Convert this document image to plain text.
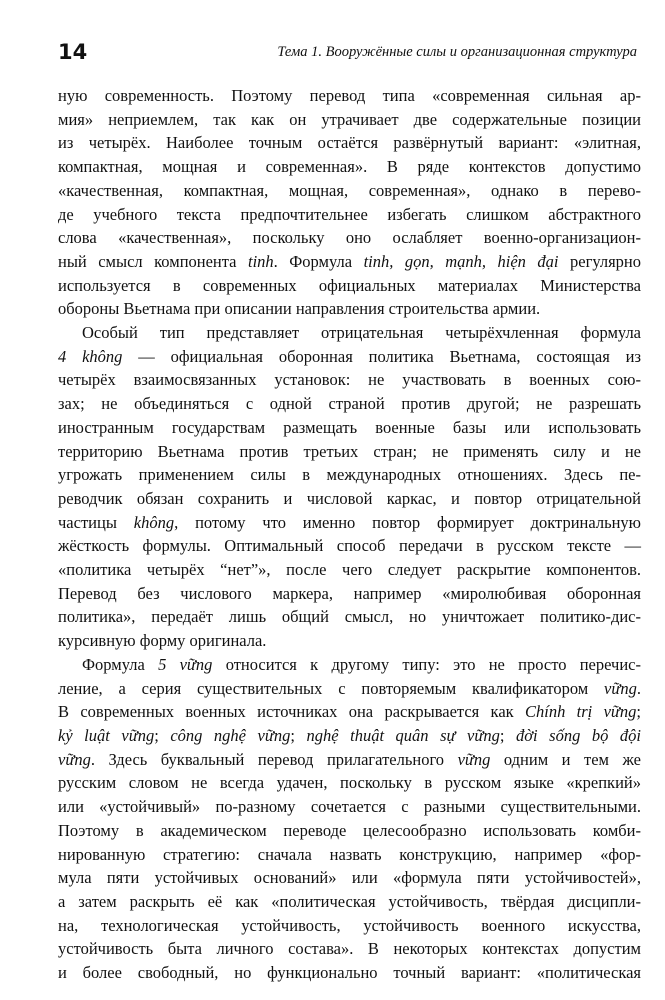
14	Тема 1. Вооружённые силы и организационная структура

ную современность. Поэтому перевод типа «современная сильная ар-
мия» неприемлем, так как он утрачивает две содержательные позиции
из четырёх. Наиболее точным остаётся развёрнутый вариант: «элитная,
компактная, мощная и современная». В ряде контекстов допустимо
«качественная, компактная, мощная, современная», однако в перево-
де учебного текста предпочтительнее избегать слишком абстрактного
слова «качественная», поскольку оно ослабляет военно-организацион-
ный смысл компонента tinh. Формула tinh, gọn, mạnh, hiện đại регулярно
используется в современных официальных материалах Министерства
обороны Вьетнама при описании направления строительства армии.

Особый тип представляет отрицательная четырёхчленная формула
4 không — официальная оборонная политика Вьетнама, состоящая из
четырёх взаимосвязанных установок: не участвовать в военных сою-
зах; не объединяться с одной страной против другой; не разрешать
иностранным государствам размещать военные базы или использовать
территорию Вьетнама против третьих стран; не применять силу и не
угрожать применением силы в международных отношениях. Здесь пе-
реводчик обязан сохранить и числовой каркас, и повтор отрицательной
частицы không, потому что именно повтор формирует доктринальную
жёсткость формулы. Оптимальный способ передачи в русском тексте —
«политика четырёх “нет”», после чего следует раскрытие компонентов.
Перевод без числового маркера, например «миролюбивая оборонная
политика», передаёт лишь общий смысл, но уничтожает политико-дис-
курсивную форму оригинала.

Формула 5 vững относится к другому типу: это не просто перечис-
ление, а серия существительных с повторяемым квалификатором vững.
В современных военных источниках она раскрывается как Chính trị vững;
kỷ luật vững; công nghệ vững; nghệ thuật quân sự vững; đời sống bộ đội
vững. Здесь буквальный перевод прилагательного vững одним и тем же
русским словом не всегда удачен, поскольку в русском языке «крепкий»
или «устойчивый» по-разному сочетается с разными существительными.
Поэтому в академическом переводе целесообразно использовать комби-
нированную стратегию: сначала назвать конструкцию, например «фор-
мула пяти устойчивых оснований» или «формула пяти устойчивостей»,
а затем раскрыть её как «политическая устойчивость, твёрдая дисципли-
на, технологическая устойчивость, устойчивость военного искусства,
устойчивость быта личного состава». В некоторых контекстах допустим
и более свободный, но функционально точный вариант: «политическая
